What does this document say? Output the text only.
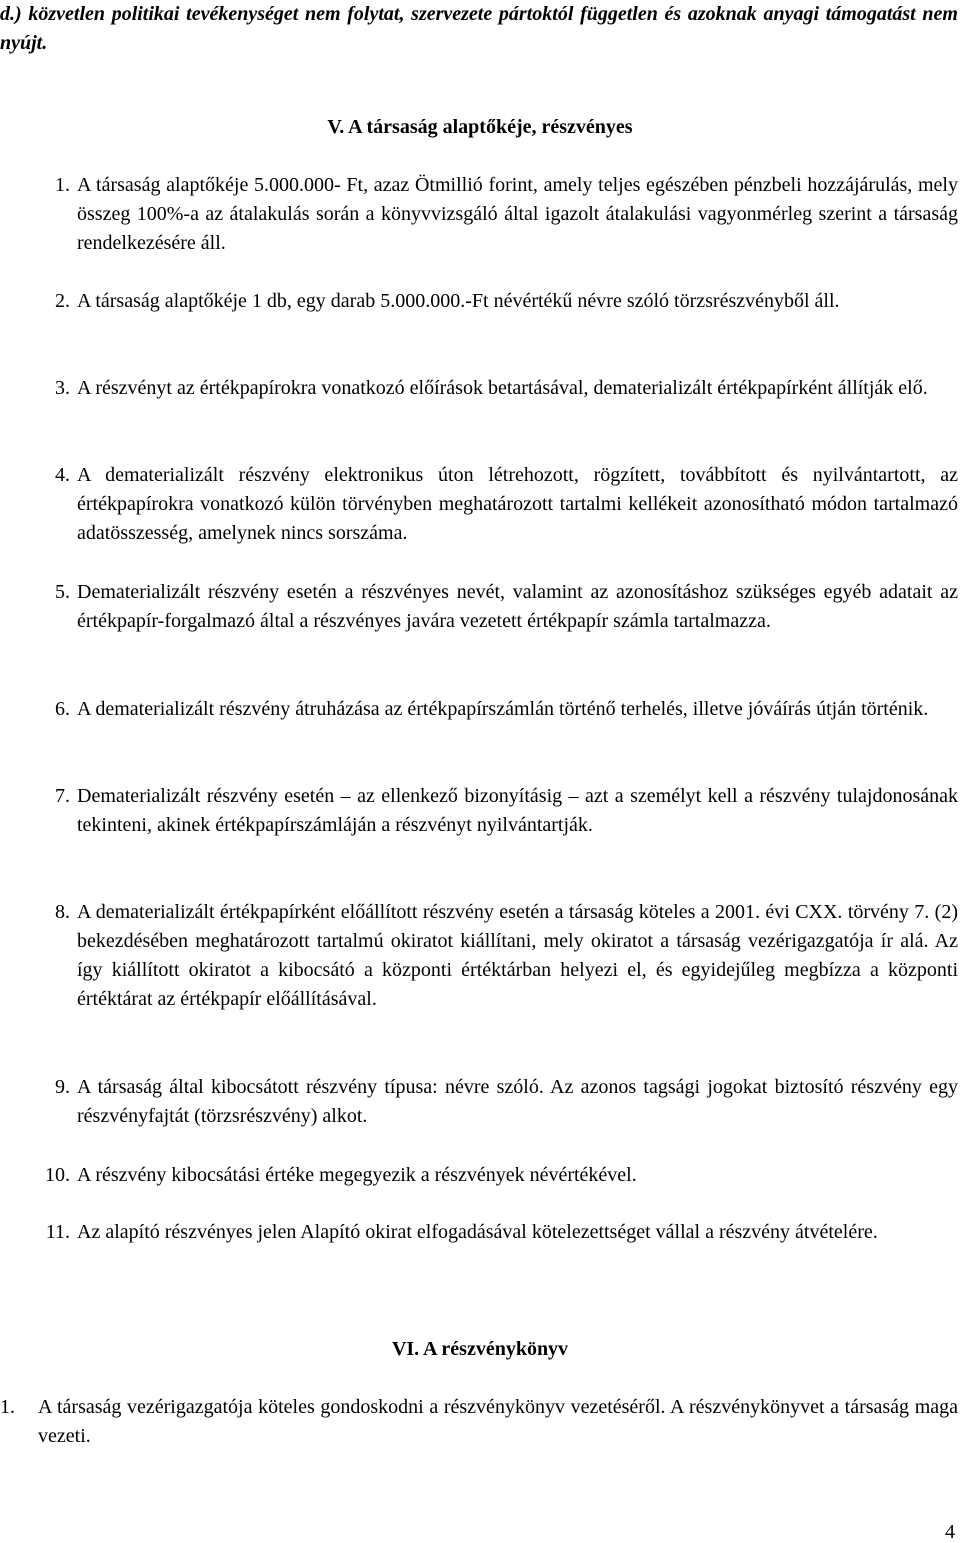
d.) közvetlen politikai tevékenységet nem folytat, szervezete pártoktól független és azoknak anyagi támogatást nem nyújt.

V. A társaság alaptőkéje, részvényes
1. A társaság alaptőkéje 5.000.000- Ft, azaz Ötmillió forint, amely teljes egészében pénzbeli hozzájárulás, mely összeg 100%-a az átalakulás során a könyvvizsgáló által igazolt átalakulási vagyonmérleg szerint a társaság rendelkezésére áll.

2. A társaság alaptőkéje 1 db, egy darab 5.000.000.-Ft névértékű névre szóló törzsrészvényből áll.

3. A részvényt az értékpapírokra vonatkozó előírások betartásával, dematerializált értékpapírként állítják elő.

4. A dematerializált részvény elektronikus úton létrehozott, rögzített, továbbított és nyilvántartott, az értékpapírokra vonatkozó külön törvényben meghatározott tartalmi kellékeit azonosítható módon tartalmazó adatösszesség, amelynek nincs sorszáma.

5. Dematerializált részvény esetén a részvényes nevét, valamint az azonosításhoz szükséges egyéb adatait az értékpapír-forgalmazó által a részvényes javára vezetett értékpapír számla tartalmazza.

6. A dematerializált részvény átruházása az értékpapírszámlán történő terhelés, illetve jóváírás útján történik.

7. Dematerializált részvény esetén – az ellenkező bizonyításig – azt a személyt kell a részvény tulajdonosának tekinteni, akinek értékpapírszámláján a részvényt nyilvántartják.

8. A dematerializált értékpapírként előállított részvény esetén a társaság köteles a 2001. évi CXX. törvény 7. (2) bekezdésében meghatározott tartalmú okiratot kiállítani, mely okiratot a társaság vezérigazgatója ír alá. Az így kiállított okiratot a kibocsátó a központi értéktárban helyezi el, és egyidejűleg megbízza a központi értéktárat az értékpapír előállításával.

9. A társaság által kibocsátott részvény típusa: névre szóló. Az azonos tagsági jogokat biztosító részvény egy részvényfajtát (törzsrészvény) alkot.

10. A részvény kibocsátási értéke megegyezik a részvények névértékével.

11. Az alapító részvényes jelen Alapító okirat elfogadásával kötelezettséget vállal a részvény átvételére.

VI. A részvénykönyv
1. A társaság vezérigazgatója köteles gondoskodni a részvénykönyv vezetéséről. A részvénykönyvet a társaság maga vezeti.

4
